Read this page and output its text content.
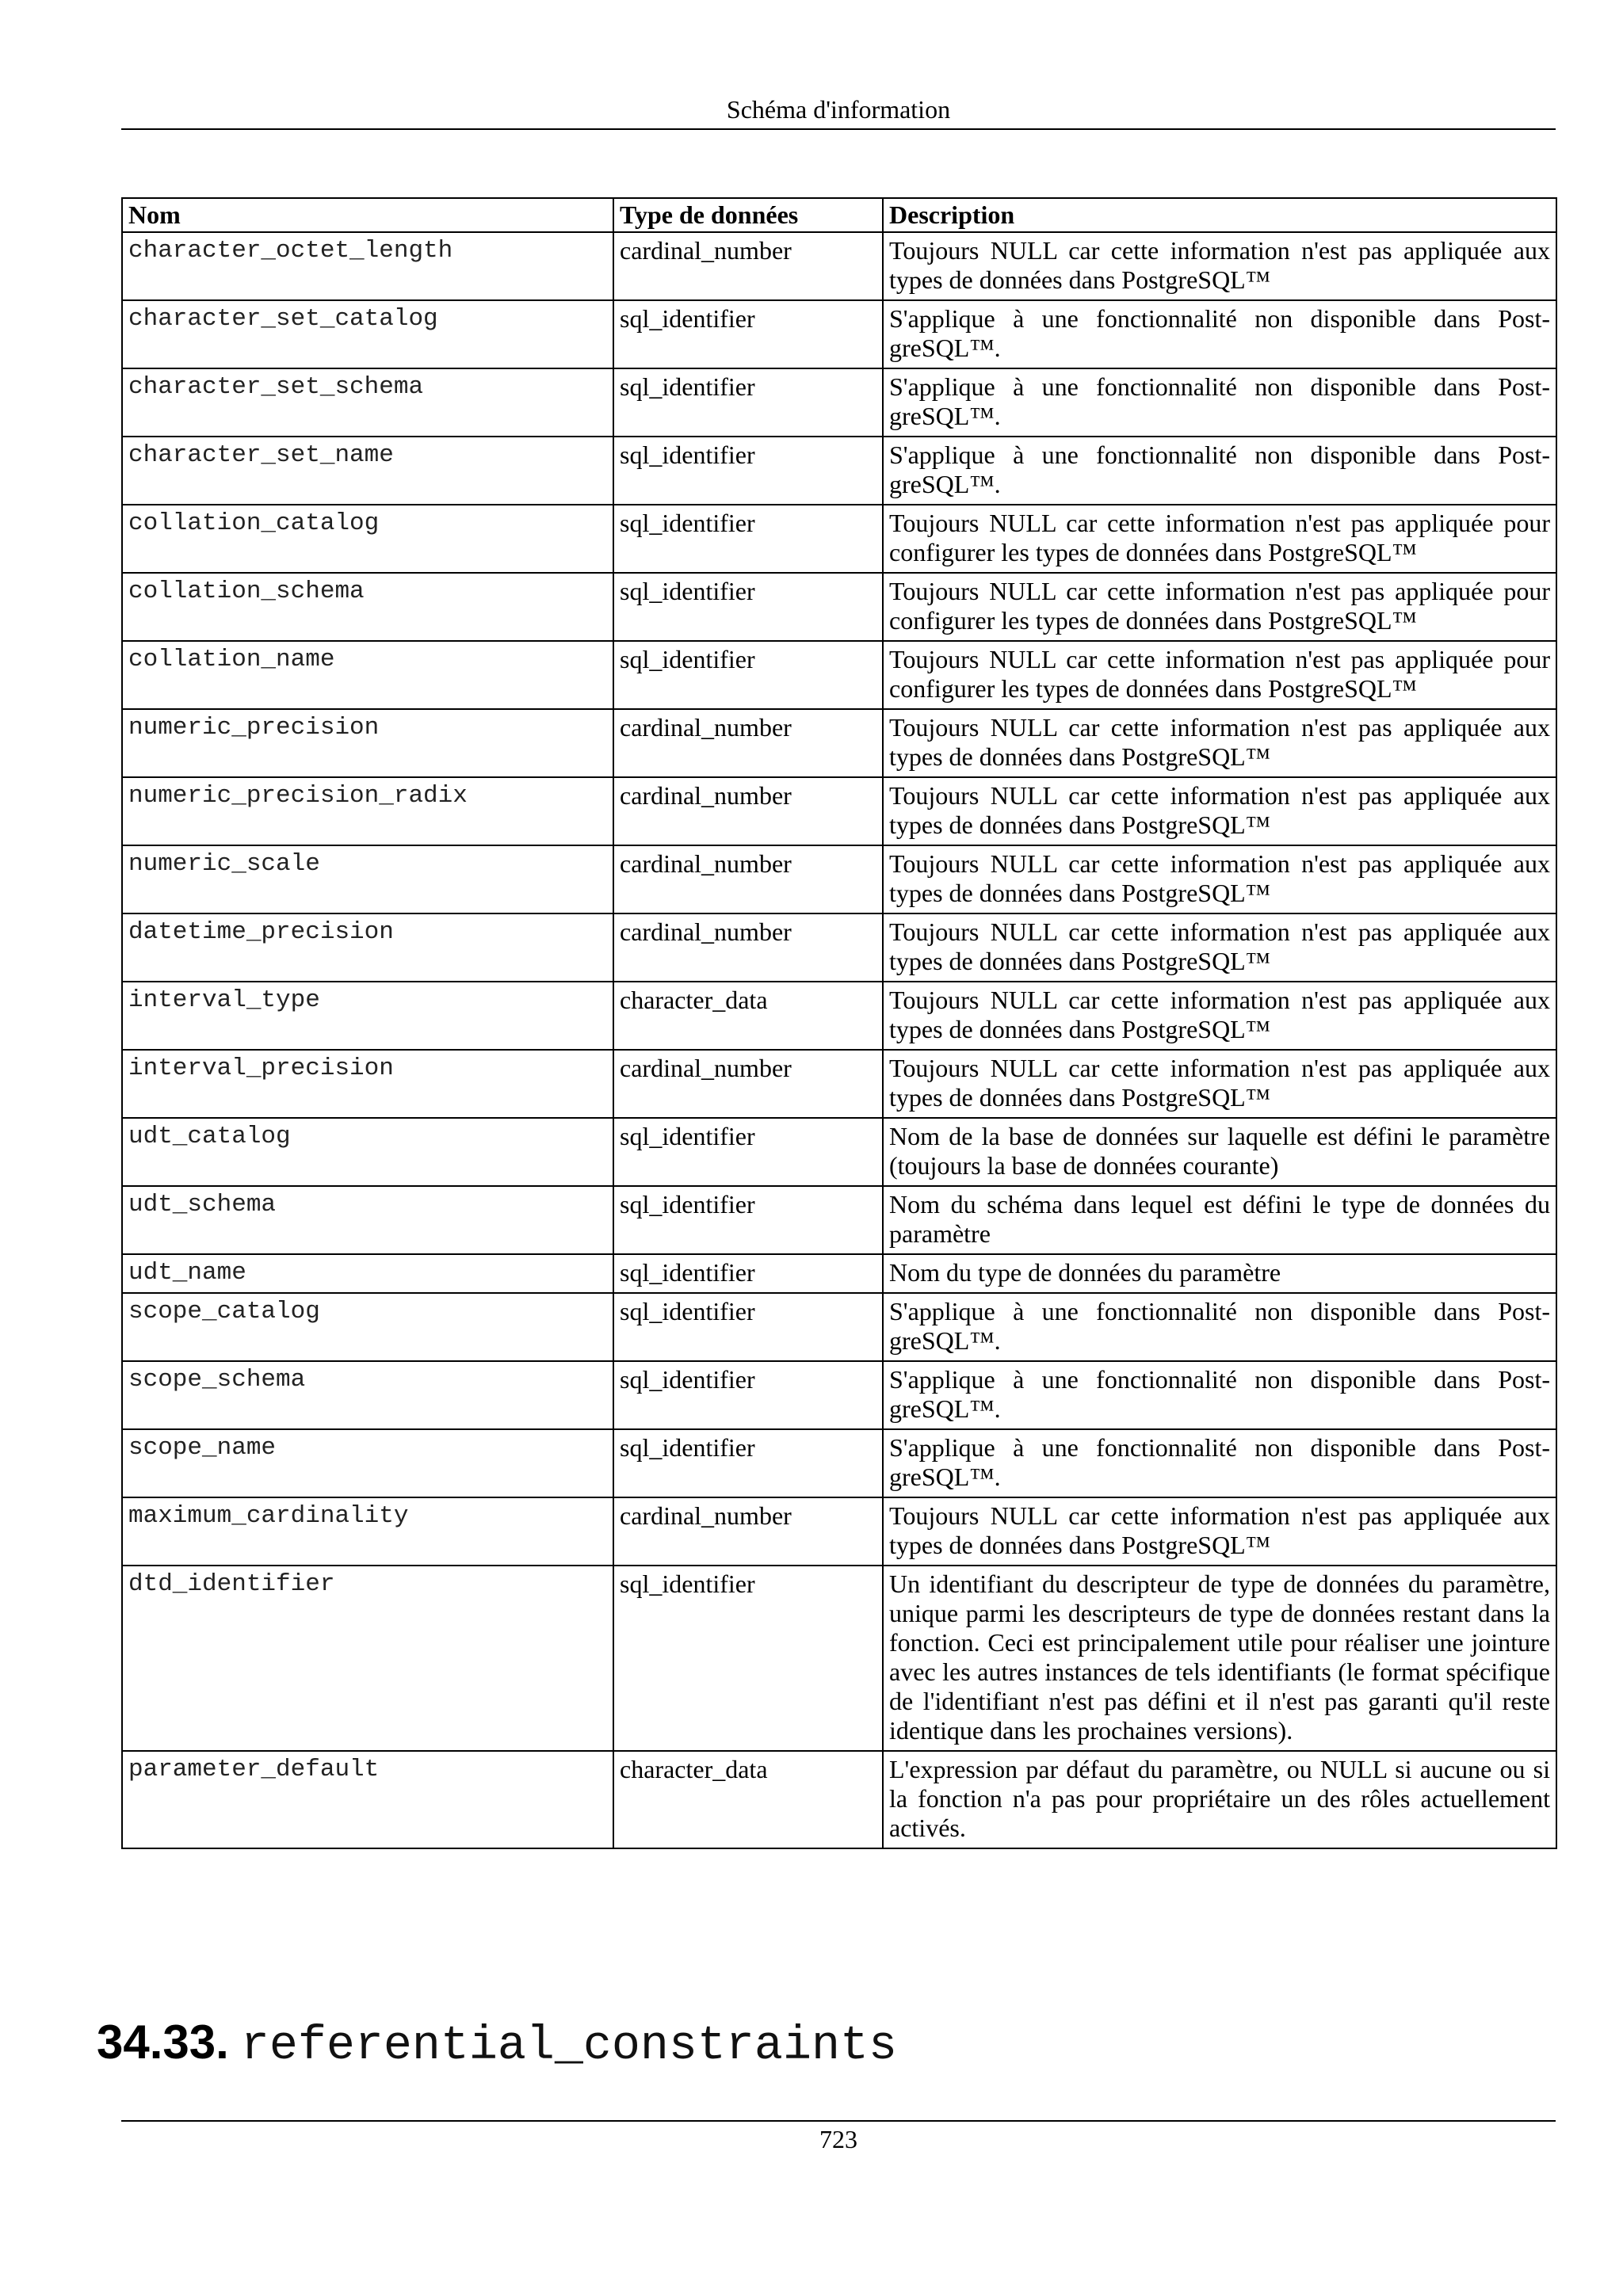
Schéma d'information
Nom	Type de données	Description
character_octet_length	cardinal_number	Toujours NULL car cette information n'est pas appliquée aux types de données dans PostgreSQL™
character_set_catalog	sql_identifier	S'applique à une fonctionnalité non disponible dans PostgreSQL™.
character_set_schema	sql_identifier	S'applique à une fonctionnalité non disponible dans PostgreSQL™.
character_set_name	sql_identifier	S'applique à une fonctionnalité non disponible dans PostgreSQL™.
collation_catalog	sql_identifier	Toujours NULL car cette information n'est pas appliquée pour configurer les types de données dans PostgreSQL™
collation_schema	sql_identifier	Toujours NULL car cette information n'est pas appliquée pour configurer les types de données dans PostgreSQL™
collation_name	sql_identifier	Toujours NULL car cette information n'est pas appliquée pour configurer les types de données dans PostgreSQL™
numeric_precision	cardinal_number	Toujours NULL car cette information n'est pas appliquée aux types de données dans PostgreSQL™
numeric_precision_radix	cardinal_number	Toujours NULL car cette information n'est pas appliquée aux types de données dans PostgreSQL™
numeric_scale	cardinal_number	Toujours NULL car cette information n'est pas appliquée aux types de données dans PostgreSQL™
datetime_precision	cardinal_number	Toujours NULL car cette information n'est pas appliquée aux types de données dans PostgreSQL™
interval_type	character_data	Toujours NULL car cette information n'est pas appliquée aux types de données dans PostgreSQL™
interval_precision	cardinal_number	Toujours NULL car cette information n'est pas appliquée aux types de données dans PostgreSQL™
udt_catalog	sql_identifier	Nom de la base de données sur laquelle est défini le paramètre (toujours la base de données courante)
udt_schema	sql_identifier	Nom du schéma dans lequel est défini le type de données du paramètre
udt_name	sql_identifier	Nom du type de données du paramètre
scope_catalog	sql_identifier	S'applique à une fonctionnalité non disponible dans PostgreSQL™.
scope_schema	sql_identifier	S'applique à une fonctionnalité non disponible dans PostgreSQL™.
scope_name	sql_identifier	S'applique à une fonctionnalité non disponible dans PostgreSQL™.
maximum_cardinality	cardinal_number	Toujours NULL car cette information n'est pas appliquée aux types de données dans PostgreSQL™
dtd_identifier	sql_identifier	Un identifiant du descripteur de type de données du paramètre, unique parmi les descripteurs de type de données restant dans la fonction. Ceci est principalement utile pour réaliser une jointure avec les autres instances de tels identifiants (le format spécifique de l'identifiant n'est pas défini et il n'est pas garanti qu'il reste identique dans les prochaines versions).
parameter_default	character_data	L'expression par défaut du paramètre, ou NULL si aucune ou si la fonction n'a pas pour propriétaire un des rôles actuellement activés.
34.33. referential_constraints
723
